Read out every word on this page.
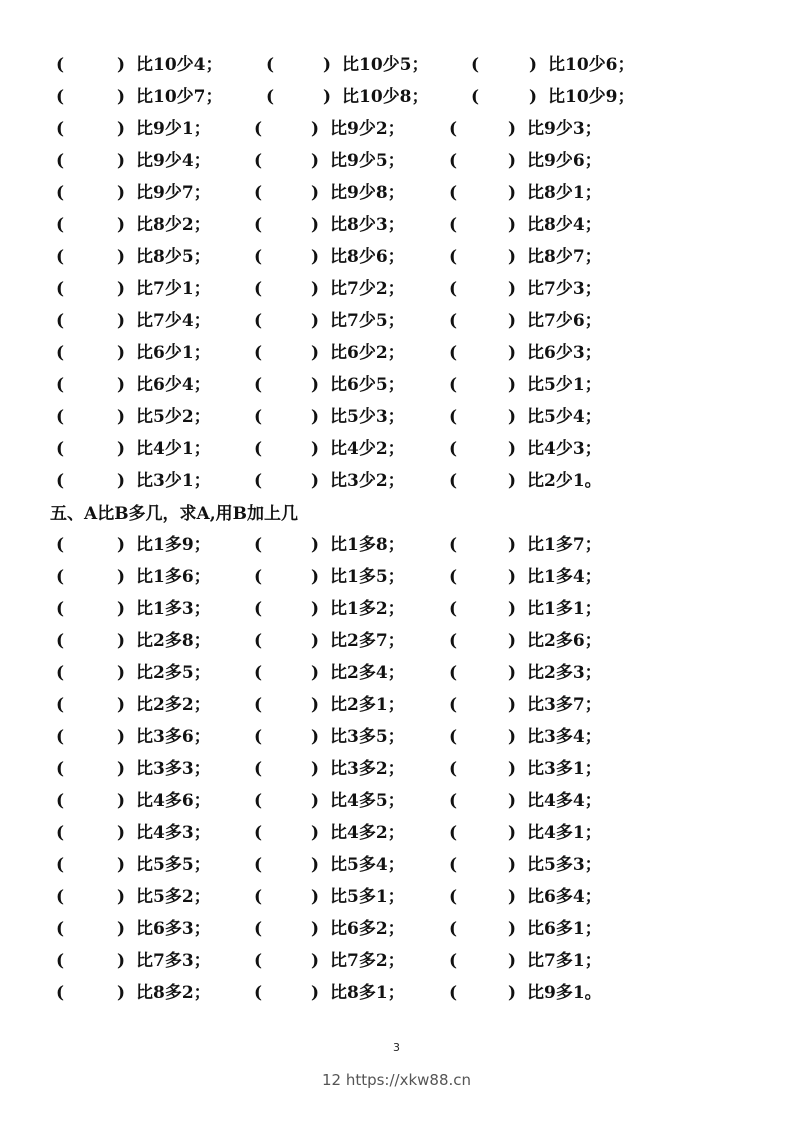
(	) 比10少4；	(	) 比10少5；	(	) 比10少6；
(	) 比10少7；	(	) 比10少8；	(	) 比10少9；
(	) 比9少1；	(	) 比9少2；	(	) 比9少3；
(	) 比9少4；	(	) 比9少5；	(	) 比9少6；
(	) 比9少7；	(	) 比9少8；	(	) 比8少1；
(	) 比8少2；	(	) 比8少3；	(	) 比8少4；
(	) 比8少5；	(	) 比8少6；	(	) 比8少7；
(	) 比7少1；	(	) 比7少2；	(	) 比7少3；
(	) 比7少4；	(	) 比7少5；	(	) 比7少6；
(	) 比6少1；	(	) 比6少2；	(	) 比6少3；
(	) 比6少4；	(	) 比6少5；	(	) 比5少1；
(	) 比5少2；	(	) 比5少3；	(	) 比5少4；
(	) 比4少1；	(	) 比4少2；	(	) 比4少3；
(	) 比3少1；	(	) 比3少2；	(	) 比2少1。
五、A比B多几，求A,用B加上几
(	) 比1多9；	(	) 比1多8；	(	) 比1多7；
(	) 比1多6；	(	) 比1多5；	(	) 比1多4；
(	) 比1多3；	(	) 比1多2；	(	) 比1多1；
(	) 比2多8；	(	) 比2多7；	(	) 比2多6；
(	) 比2多5；	(	) 比2多4；	(	) 比2多3；
(	) 比2多2；	(	) 比2多1；	(	) 比3多7；
(	) 比3多6；	(	) 比3多5；	(	) 比3多4；
(	) 比3多3；	(	) 比3多2；	(	) 比3多1；
(	) 比4多6；	(	) 比4多5；	(	) 比4多4；
(	) 比4多3；	(	) 比4多2；	(	) 比4多1；
(	) 比5多5；	(	) 比5多4；	(	) 比5多3；
(	) 比5多2；	(	) 比5多1；	(	) 比6多4；
(	) 比6多3；	(	) 比6多2；	(	) 比6多1；
(	) 比7多3；	(	) 比7多2；	(	) 比7多1；
(	) 比8多2；	(	) 比8多1；	(	) 比9多1。
3
12 https://xkw88.cn
